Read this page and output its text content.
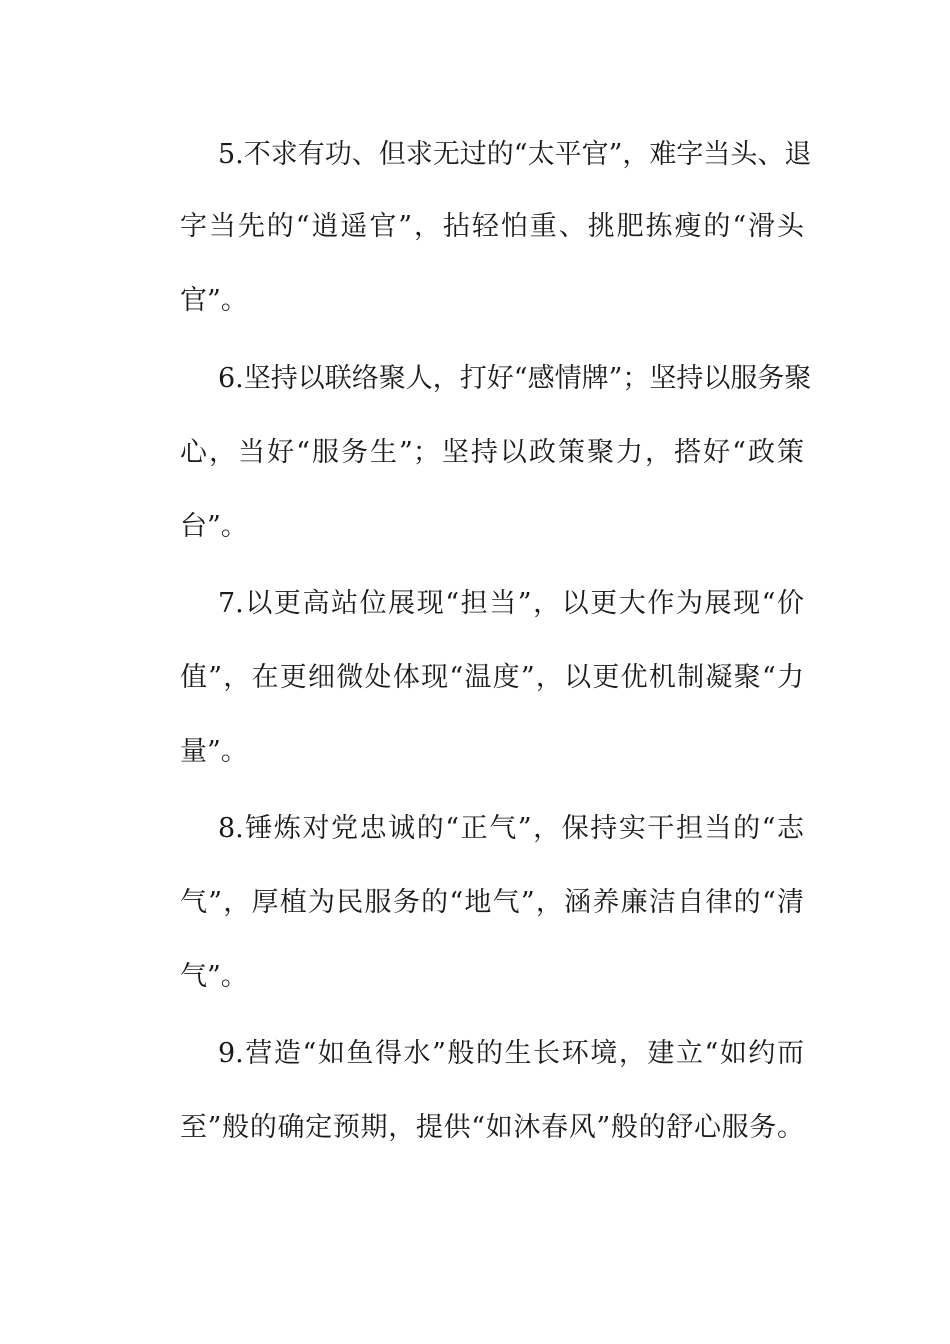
5.不求有功、但求无过的“太平官”，难字当头、退
字当先的“逍遥官”，拈轻怕重、挑肥拣瘦的“滑头
官”。
6.坚持以联络聚人，打好“感情牌”；坚持以服务聚
心，当好“服务生”；坚持以政策聚力，搭好“政策
台”。
7.以更高站位展现“担当”，以更大作为展现“价
值”，在更细微处体现“温度”，以更优机制凝聚“力
量”。
8.锤炼对党忠诚的“正气”，保持实干担当的“志
气”，厚植为民服务的“地气”，涵养廉洁自律的“清
气”。
9.营造“如鱼得水”般的生长环境，建立“如约而
至”般的确定预期，提供“如沐春风”般的舒心服务。
